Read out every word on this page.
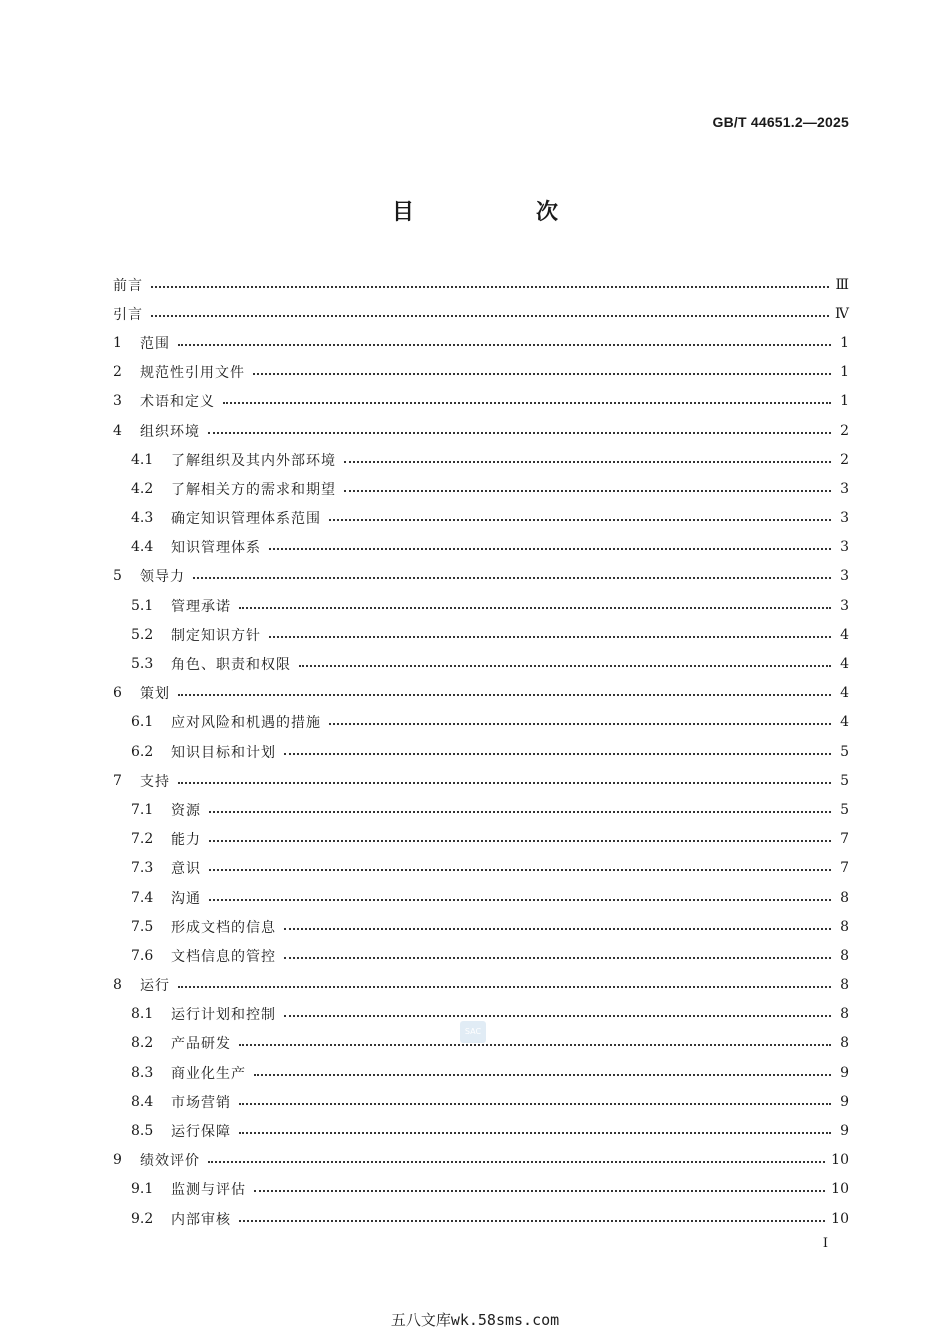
GB/T 44651.2—2025
目　次
前言	Ⅲ
引言	Ⅳ
1	范围	1
2	规范性引用文件	1
3	术语和定义	1
4	组织环境	2
4.1	了解组织及其内外部环境	2
4.2	了解相关方的需求和期望	3
4.3	确定知识管理体系范围	3
4.4	知识管理体系	3
5	领导力	3
5.1	管理承诺	3
5.2	制定知识方针	4
5.3	角色、职责和权限	4
6	策划	4
6.1	应对风险和机遇的措施	4
6.2	知识目标和计划	5
7	支持	5
7.1	资源	5
7.2	能力	7
7.3	意识	7
7.4	沟通	8
7.5	形成文档的信息	8
7.6	文档信息的管控	8
8	运行	8
8.1	运行计划和控制	8
8.2	产品研发	8
8.3	商业化生产	9
8.4	市场营销	9
8.5	运行保障	9
9	绩效评价	10
9.1	监测与评估	10
9.2	内部审核	10
SAC
I
五八文库wk.58sms.com
